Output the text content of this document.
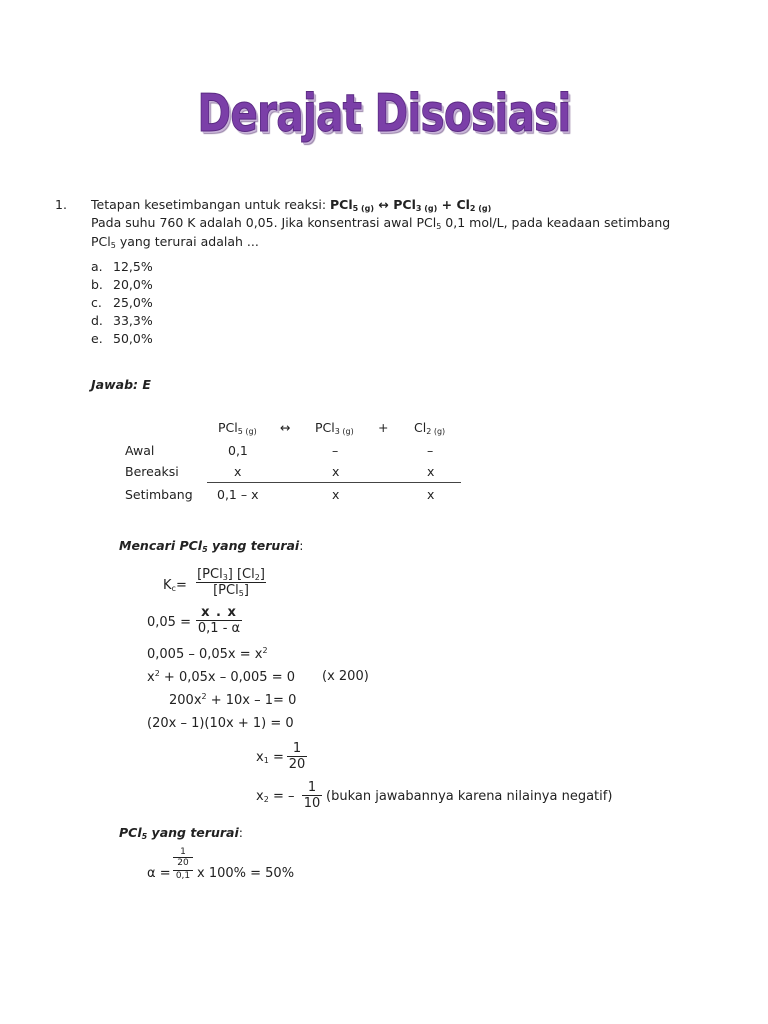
Derajat Disosiasi
1. Tetapan kesetimbangan untuk reaksi: PCl$_{5 (g)}$ ↔ $PCl_{3 (g)} + Cl_{2 (g)}$
Pada suhu 760 K adalah 0,05. Jika konsentrasi awal PCl$_5$ 0,1 mol/L, pada keadaan setimbang
PCl$_5$ yang terurai adalah ...
a. 12,5%
b. 20,0%
c. 25,0%
d. 33,3%
e. 50,0%
Jawab: E
PCl$_{5 (g)}$ ↔ $PCl_{3 (g)} + Cl_{2 (g)}$
Awal	0,1	–	–
Bereaksi	x	x	x
Setimbang 0,1 – x	x	x
Mencari PCl$_5$ yang terurai:
$K_c=$
[PCl$_3$] $[Cl_2]$
[PCl$_5$]
$0,05 = \frac{x . x}{0,1 - \alpha}$
$0,005 - 0,05x = x^2$
$x^2 + 0,05x - 0,005 = 0$ (x 200)
$200x^2 + 10x - 1= 0$
(20x – 1)(10x + 1) = 0
$x_1 = \frac{1}{20}$
$x_2$ = – $\frac{1}{10}$ (bukan jawabannya karena nilainya negatif)
PCl$_5$ yang terurai:
α =
1
20
0,1 x 100% = 50%
